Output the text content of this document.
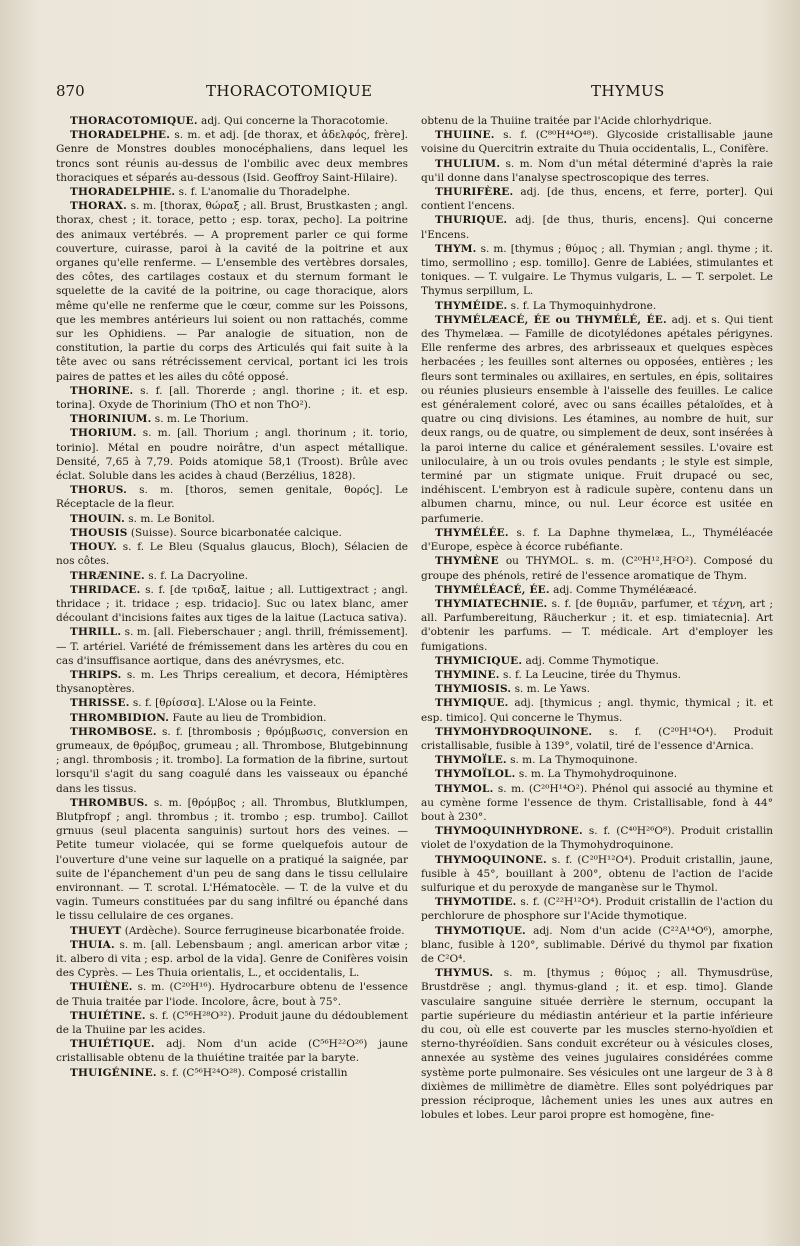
870	THORACOTOMIQUE	THYMUS
THORACOTOMIQUE. adj. Qui concerne la Thoracotomie.
THORADELPHE. s. m. et adj. [de thorax, et ἀδελφός, frère]. Genre de Monstres doubles monocéphaliens, dans lequel les troncs sont réunis au-dessus de l'ombilic avec deux membres thoraciques et séparés au-dessous (Isid. Geoffroy Saint-Hilaire).
THORADELPHIE. s. f. L'anomalie du Thoradelphe.
THORAX. s. m. [thorax, θώραξ ; all. Brust, Brustkasten ; angl. thorax, chest ; it. torace, petto ; esp. torax, pecho]. La poitrine des animaux vertébrés. — A proprement parler ce qui forme couverture, cuirasse, paroi à la cavité de la poitrine et aux organes qu'elle renferme. — L'ensemble des vertèbres dorsales, des côtes, des cartilages costaux et du sternum formant le squelette de la cavité de la poitrine, ou cage thoracique, alors même qu'elle ne renferme que le cœur, comme sur les Poissons, que les membres antérieurs lui soient ou non rattachés, comme sur les Ophidiens. — Par analogie de situation, non de constitution, la partie du corps des Articulés qui fait suite à la tête avec ou sans rétrécissement cervical, portant ici les trois paires de pattes et les ailes du côté opposé.
THORINE. s. f. [all. Thorerde ; angl. thorine ; it. et esp. torina]. Oxyde de Thorinium (ThO et non ThO²).
THORINIUM. s. m. Le Thorium.
THORIUM. s. m. [all. Thorium ; angl. thorinum ; it. torio, torinio]. Métal en poudre noirâtre, d'un aspect métallique. Densité, 7,65 à 7,79. Poids atomique 58,1 (Troost). Brûle avec éclat. Soluble dans les acides à chaud (Berzélius, 1828).
THORUS. s. m. [thoros, semen genitale, θορός]. Le Réceptacle de la fleur.
THOUIN. s. m. Le Bonitol.
THOUSIS (Suisse). Source bicarbonatée calcique.
THOUY. s. f. Le Bleu (Squalus glaucus, Bloch), Sélacien de nos côtes.
THRÆNINE. s. f. La Dacryoline.
THRIDACE. s. f. [de τριδαξ, laitue ; all. Luttigextract ; angl. thridace ; it. tridace ; esp. tridacio]. Suc ou latex blanc, amer découlant d'incisions faites aux tiges de la laitue (Lactuca sativa).
THRILL. s. m. [all. Fieberschauer ; angl. thrill, frémissement]. — T. artériel. Variété de frémissement dans les artères du cou en cas d'insuffisance aortique, dans des anévrysmes, etc.
THRIPS. s. m. Les Thrips cerealium, et decora, Hémiptères thysanoptères.
THRISSE. s. f. [θρίσσα]. L'Alose ou la Feinte.
THROMBIDION. Faute au lieu de Trombidion.
THROMBOSE. s. f. [thrombosis ; θρόμβωσις, conversion en grumeaux, de θρόμβος, grumeau ; all. Thrombose, Blutgebinnung ; angl. thrombosis ; it. trombo]. La formation de la fibrine, surtout lorsqu'il s'agit du sang coagulé dans les vaisseaux ou épanché dans les tissus.
THROMBUS. s. m. [θρόμβος ; all. Thrombus, Blutklumpen, Blutpfropf ; angl. thrombus ; it. trombo ; esp. trumbo]. Caillot grnuus (seul placenta sanguinis) surtout hors des veines. — Petite tumeur violacée, qui se forme quelquefois autour de l'ouverture d'une veine sur laquelle on a pratiqué la saignée, par suite de l'épanchement d'un peu de sang dans le tissu cellulaire environnant. — T. scrotal. L'Hématocèle. — T. de la vulve et du vagin. Tumeurs constituées par du sang infiltré ou épanché dans le tissu cellulaire de ces organes.
THUEYT (Ardèche). Source ferrugineuse bicarbonatée froide.
THUIA. s. m. [all. Lebensbaum ; angl. american arbor vitæ ; it. albero di vita ; esp. arbol de la vida]. Genre de Conifères voisin des Cyprès. — Les Thuia orientalis, L., et occidentalis, L.
THUIÈNE. s. m. (C²⁰H¹⁶). Hydrocarbure obtenu de l'essence de Thuia traitée par l'iode. Incolore, âcre, bout à 75°.
THUIÉTINE. s. f. (C⁵⁶H²⁸O³²). Produit jaune du dédoublement de la Thuiine par les acides.
THUIÉTIQUE. adj. Nom d'un acide (C⁵⁶H²²O²⁶) jaune cristallisable obtenu de la thuiétine traitée par la baryte.
THUIGÉNINE. s. f. (C⁵⁶H²⁴O²⁸). Composé cristallin
obtenu de la Thuiine traitée par l'Acide chlorhydrique.
THUIINE. s. f. (C⁸⁰H⁴⁴O⁴⁸). Glycoside cristallisable jaune voisine du Quercitrin extraite du Thuia occidentalis, L., Conifère.
THULIUM. s. m. Nom d'un métal déterminé d'après la raie qu'il donne dans l'analyse spectroscopique des terres.
THURIFÈRE. adj. [de thus, encens, et ferre, porter]. Qui contient l'encens.
THURIQUE. adj. [de thus, thuris, encens]. Qui concerne l'Encens.
THYM. s. m. [thymus ; θύμος ; all. Thymian ; angl. thyme ; it. timo, sermollino ; esp. tomillo]. Genre de Labiées, stimulantes et toniques. — T. vulgaire. Le Thymus vulgaris, L. — T. serpolet. Le Thymus serpillum, L.
THYMÉIDE. s. f. La Thymoquinhydrone.
THYMÉLÆACÉ, ÉE ou THYMÉLÉ, ÉE. adj. et s. Qui tient des Thymelæa. — Famille de dicotylédones apétales périgynes. Elle renferme des arbres, des arbrisseaux et quelques espèces herbacées ; les feuilles sont alternes ou opposées, entières ; les fleurs sont terminales ou axillaires, en sertules, en épis, solitaires ou réunies plusieurs ensemble à l'aisselle des feuilles. Le calice est généralement coloré, avec ou sans écailles pétaloïdes, et à quatre ou cinq divisions. Les étamines, au nombre de huit, sur deux rangs, ou de quatre, ou simplement de deux, sont insérées à la paroi interne du calice et généralement sessiles. L'ovaire est uniloculaire, à un ou trois ovules pendants ; le style est simple, terminé par un stigmate unique. Fruit drupacé ou sec, indéhiscent. L'embryon est à radicule supère, contenu dans un albumen charnu, mince, ou nul. Leur écorce est usitée en parfumerie.
THYMÉLÉE. s. f. La Daphne thymelæa, L., Thyméléacée d'Europe, espèce à écorce rubéfiante.
THYMÈNE ou THYMOL. s. m. (C²⁰H¹²,H²O²). Composé du groupe des phénols, retiré de l'essence aromatique de Thym.
THYMÉLÉACÉ, ÉE. adj. Comme Thyméléæacé.
THYMIATECHNIE. s. f. [de θυμιᾶν, parfumer, et τέχνη, art ; all. Parfumbereitung, Räucherkur ; it. et esp. timiatecnia]. Art d'obtenir les parfums. — T. médicale. Art d'employer les fumigations.
THYMICIQUE. adj. Comme Thymotique.
THYMINE. s. f. La Leucine, tirée du Thymus.
THYMIOSIS. s. m. Le Yaws.
THYMIQUE. adj. [thymicus ; angl. thymic, thymical ; it. et esp. timico]. Qui concerne le Thymus.
THYMOHYDROQUINONE. s. f. (C²⁰H¹⁴O⁴). Produit cristallisable, fusible à 139°, volatil, tiré de l'essence d'Arnica.
THYMOÏLE. s. m. La Thymoquinone.
THYMOÏLOL. s. m. La Thymohydroquinone.
THYMOL. s. m. (C²⁰H¹⁴O²). Phénol qui associé au thymine et au cymène forme l'essence de thym. Cristallisable, fond à 44° bout à 230°.
THYMOQUINHYDRONE. s. f. (C⁴⁰H²⁶O⁸). Produit cristallin violet de l'oxydation de la Thymohydroquinone.
THYMOQUINONE. s. f. (C²⁰H¹²O⁴). Produit cristallin, jaune, fusible à 45°, bouillant à 200°, obtenu de l'action de l'acide sulfurique et du peroxyde de manganèse sur le Thymol.
THYMOTIDE. s. f. (C²²H¹²O⁴). Produit cristallin de l'action du perchlorure de phosphore sur l'Acide thymotique.
THYMOTIQUE. adj. Nom d'un acide (C²²A¹⁴O⁶), amorphe, blanc, fusible à 120°, sublimable. Dérivé du thymol par fixation de C²O⁴.
THYMUS. s. m. [thymus ; θύμος ; all. Thymusdrüse, Brustdrëse ; angl. thymus-gland ; it. et esp. timo]. Glande vasculaire sanguine située derrière le sternum, occupant la partie supérieure du médiastin antérieur et la partie inférieure du cou, où elle est couverte par les muscles sterno-hyoïdien et sterno-thyréoïdien. Sans conduit excréteur ou à vésicules closes, annexée au système des veines jugulaires considérées comme système porte pulmonaire. Ses vésicules ont une largeur de 3 à 8 dixièmes de millimètre de diamètre. Elles sont polyédriques par pression réciproque, lâchement unies les unes aux autres en lobules et lobes. Leur paroi propre est homogène, fine-
